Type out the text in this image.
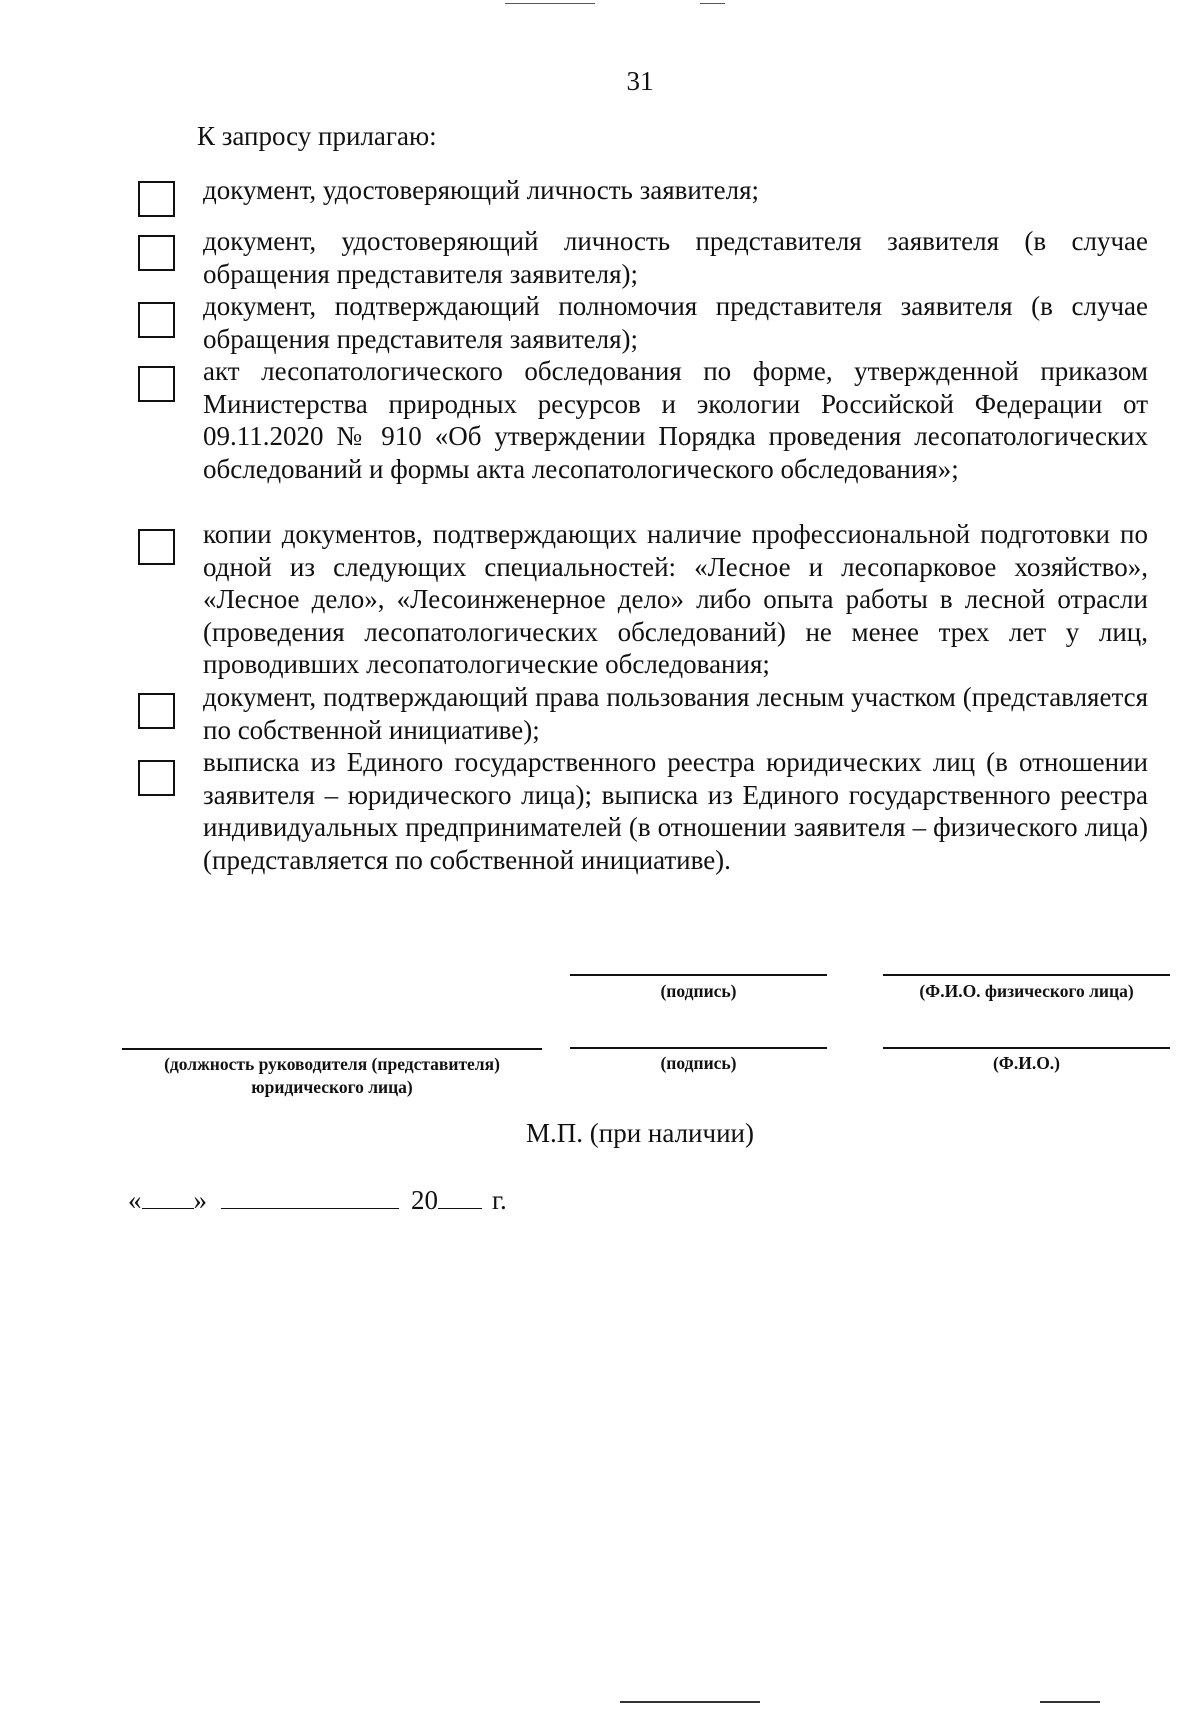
31
К запросу прилагаю:
документ, удостоверяющий личность заявителя;
документ, удостоверяющий личность представителя заявителя (в случае обращения представителя заявителя);
документ, подтверждающий полномочия представителя заявителя (в случае обращения представителя заявителя);
акт лесопатологического обследования по форме, утвержденной приказом Министерства природных ресурсов и экологии Российской Федерации от 09.11.2020 № 910 «Об утверждении Порядка проведения лесопатологических обследований и формы акта лесопатологического обследования»;
копии документов, подтверждающих наличие профессиональной подготовки по одной из следующих специальностей: «Лесное и лесопарковое хозяйство», «Лесное дело», «Лесоинженерное дело» либо опыта работы в лесной отрасли (проведения лесопатологических обследований) не менее трех лет у лиц, проводивших лесопатологические обследования;
документ, подтверждающий права пользования лесным участком (представляется по собственной инициативе);
выписка из Единого государственного реестра юридических лиц (в отношении заявителя – юридического лица); выписка из Единого государственного реестра индивидуальных предпринимателей (в отношении заявителя – физического лица) (представляется по собственной инициативе).
(подпись)	(Ф.И.О. физического лица)
(должность руководителя (представителя)
юридического лица)
(подпись)	(Ф.И.О.)
М.П. (при наличии)
« »	20 г.
